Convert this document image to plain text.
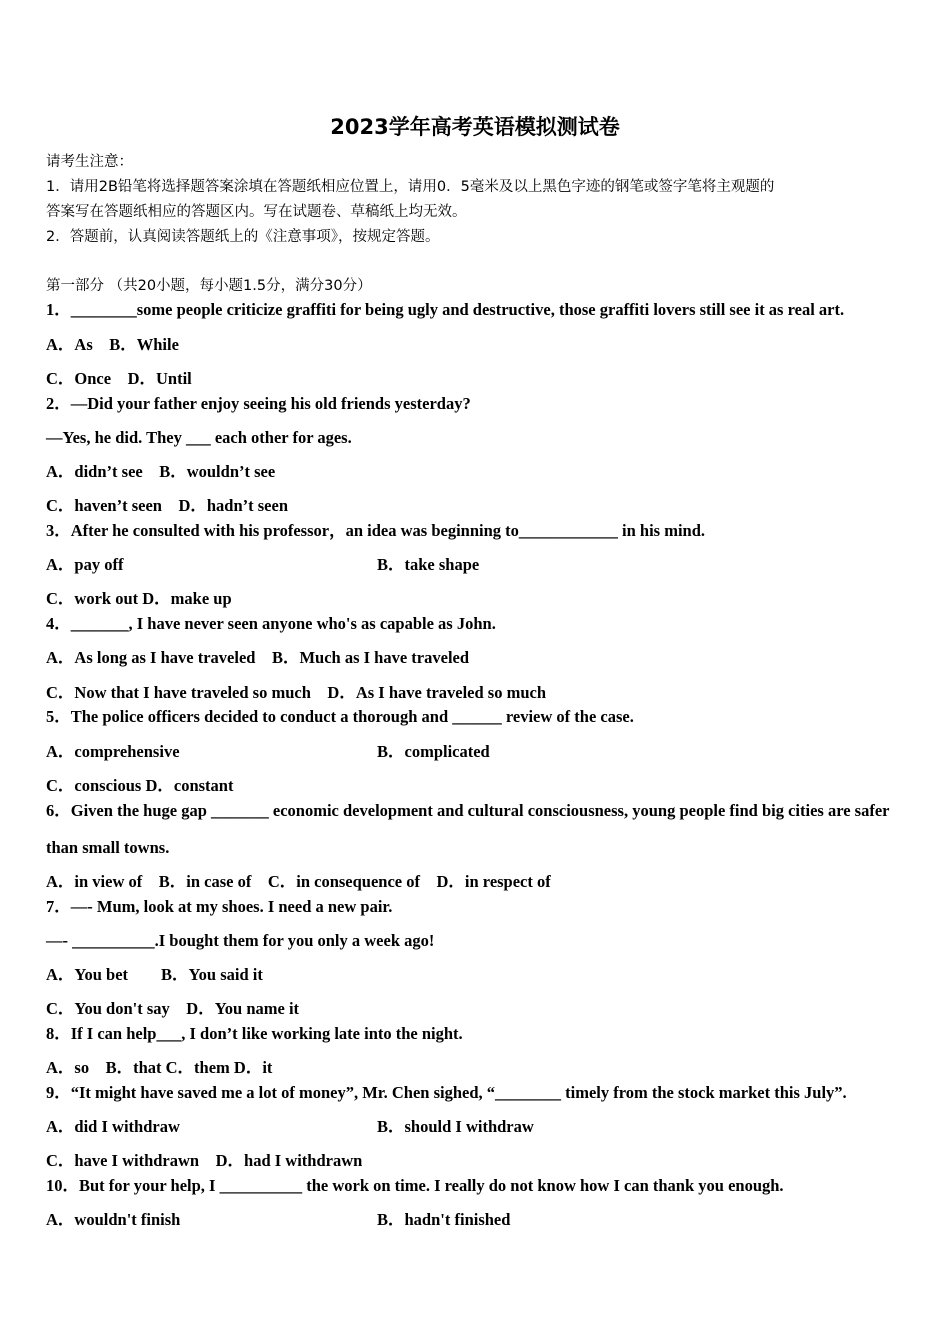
2023学年高考英语模拟测试卷
请考生注意：
1．请用2B铅笔将选择题答案涂填在答题纸相应位置上，请用0．5毫米及以上黑色字迹的钢笔或签字笔将主观题的
答案写在答题纸相应的答题区内。写在试题卷、草稿纸上均无效。
2．答题前，认真阅读答题纸上的《注意事项》，按规定答题。
第一部分 （共20小题，每小题1.5分，满分30分）
1．________some people criticize graffiti for being ugly and destructive, those graffiti lovers still see it as real art.
A．As　B．While
C．Once　D．Until
2．—Did your father enjoy seeing his old friends yesterday?
—Yes, he did. They ___ each other for ages.
A．didn’t see　B．wouldn’t see
C．haven’t seen　D．hadn’t seen
3．After he consulted with his professor，an idea was beginning to____________ in his mind.
A．pay off	B．take shape
C．work out D．make up
4．_______, I have never seen anyone who's as capable as John.
A．As long as I have traveled　B．Much as I have traveled
C．Now that I have traveled so much　D．As I have traveled so much
5．The police officers decided to conduct a thorough and ______ review of the case.
A．comprehensive	B．complicated
C．conscious D．constant
6．Given the huge gap _______ economic development and cultural consciousness, young people find big cities are safer
than small towns.
A．in view of　B．in case of　C．in consequence of　D．in respect of
7．—- Mum, look at my shoes. I need a new pair.
—- __________.I bought them for you only a week ago!
A．You bet　　B．You said it
C．You don't say　D．You name it
8．If I can help___, I don’t like working late into the night.
A．so　B．that C．them D．it
9．“It might have saved me a lot of money”, Mr. Chen sighed, “________ timely from the stock market this July”.
A．did I withdraw	B．should I withdraw
C．have I withdrawn　D．had I withdrawn
10．But for your help, I __________ the work on time. I really do not know how I can thank you enough.
A．wouldn't finish	B．hadn't finished
